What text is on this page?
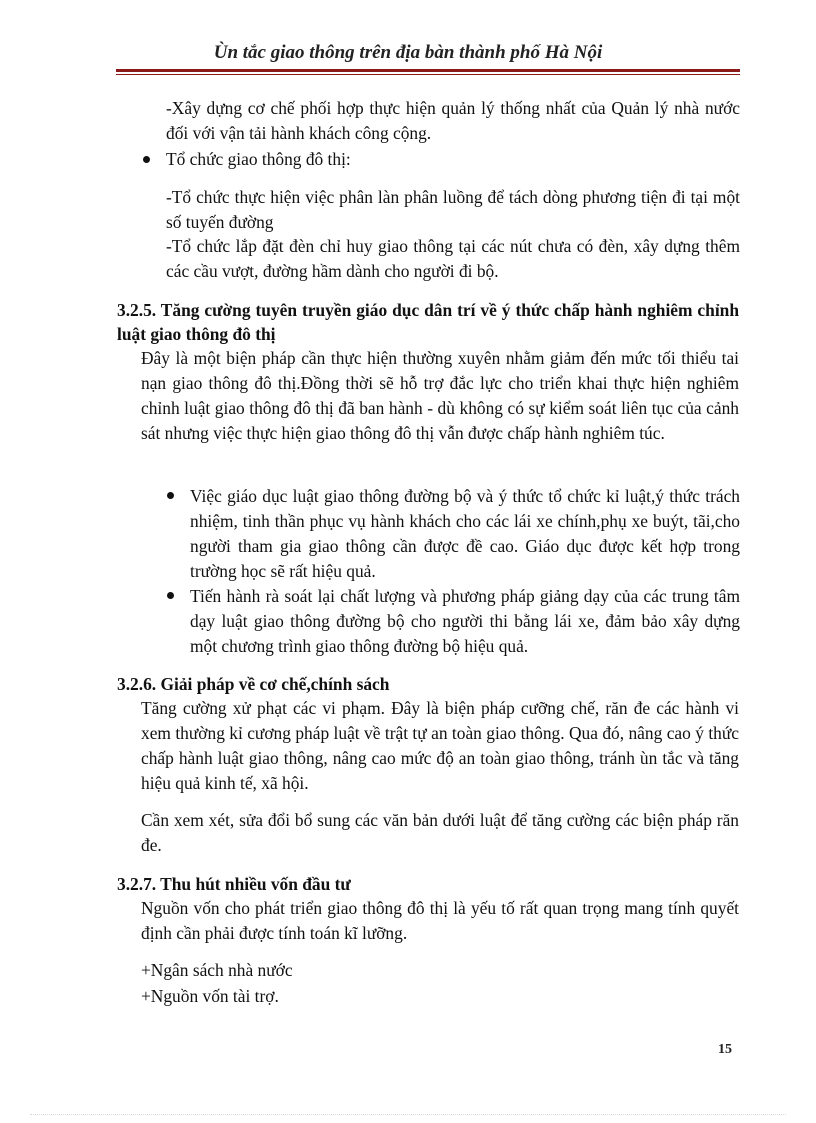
Ùn tắc giao thông trên địa bàn thành phố Hà Nội

-Xây dựng cơ chế phối hợp thực hiện quản lý thống nhất của Quản lý nhà nước đối với vận tải hành khách công cộng.

Tổ chức giao thông đô thị:

-Tổ chức thực hiện việc phân làn phân luồng để tách dòng phương tiện đi tại một số tuyến đường

-Tổ chức lắp đặt đèn chỉ huy giao thông tại các nút chưa có đèn, xây dựng thêm các cầu vượt, đường hầm dành cho người đi bộ.

3.2.5. Tăng cường tuyên truyền giáo dục dân trí về ý thức chấp hành nghiêm chỉnh luật giao thông đô thị

Đây là một biện pháp cần thực hiện thường xuyên nhằm giảm đến mức tối thiểu tai nạn giao thông đô thị.Đồng thời sẽ hỗ trợ đắc lực cho triển khai thực hiện nghiêm chỉnh luật giao thông đô thị đã ban hành - dù không có sự kiểm soát liên tục của cảnh sát nhưng việc thực hiện giao thông đô thị vẫn được chấp hành nghiêm túc.

Việc giáo dục luật giao thông đường bộ và ý thức tổ chức kỉ luật,ý thức trách nhiệm, tinh thần phục vụ hành khách cho các lái xe chính,phụ xe buýt, tãi,cho người tham gia giao thông cần được đề cao. Giáo dục được kết hợp trong trường học sẽ rất hiệu quả.
Tiến hành rà soát lại chất lượng và phương pháp giảng dạy của các trung tâm dạy luật giao thông đường bộ cho người thi bằng lái xe, đảm bảo xây dựng một chương trình giao thông đường bộ hiệu quả.
3.2.6. Giải pháp về cơ chế,chính sách

Tăng cường xử phạt các vi phạm. Đây là biện pháp cưỡng chế, răn đe các hành vi xem thường kỉ cương pháp luật về trật tự an toàn giao thông. Qua đó, nâng cao ý thức chấp hành luật giao thông, nâng cao mức độ an toàn giao thông, tránh ùn tắc và tăng hiệu quả kinh tế, xã hội.

Cần xem xét, sửa đổi bổ sung các văn bản dưới luật để tăng cường các biện pháp răn đe.

3.2.7. Thu hút nhiều vốn đầu tư

Nguồn vốn cho phát triển giao thông đô thị là yếu tố rất quan trọng mang tính quyết định cần phải được tính toán kĩ lưỡng.

+Ngân sách nhà nước
+Nguồn vốn tài trợ.
15
